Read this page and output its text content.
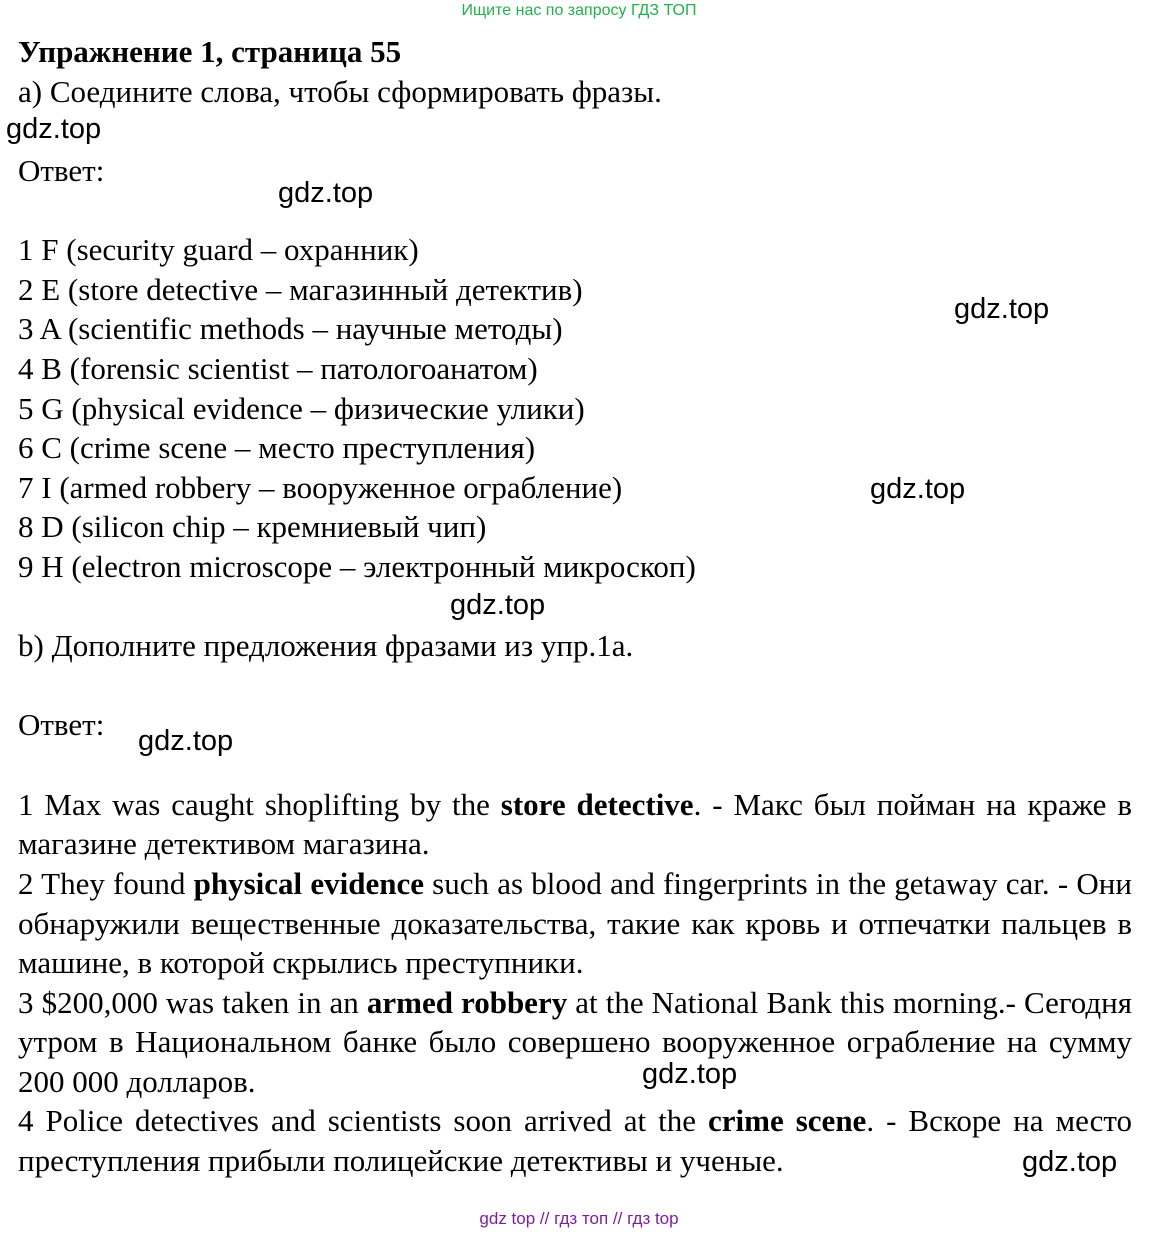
Ищите нас по запросу ГДЗ ТОП

Упражнение 1, страница 55

a) Соедините слова, чтобы сформировать фразы.

Ответ:

1 F (security guard – охранник)

2 E (store detective – магазинный детектив)

3 A (scientific methods – научные методы)

4 B (forensic scientist – патологоанатом)

5 G (physical evidence – физические улики)

6 C (crime scene – место преступления)

7 I (armed robbery – вооруженное ограбление)

8 D (silicon chip – кремниевый чип)

9 H (electron microscope – электронный микроскоп)

b) Дополните предложения фразами из упр.1a.

Ответ:

1 Max was caught shoplifting by the store detective. - Макс был пойман на краже в магазине детективом магазина.

2 They found physical evidence such as blood and fingerprints in the getaway car. - Они обнаружили вещественные доказательства, такие как кровь и отпечатки пальцев в машине, в которой скрылись преступники.

3 $200,000 was taken in an armed robbery at the National Bank this morning.- Сегодня утром в Национальном банке было совершено вооруженное ограбление на сумму 200 000 долларов.

4 Police detectives and scientists soon arrived at the crime scene. - Вскоре на место преступления прибыли полицейские детективы и ученые.

gdz.top
gdz.top
gdz.top
gdz.top
gdz.top
gdz.top
gdz.top
gdz.top
gdz top // гдз топ // гдз top
